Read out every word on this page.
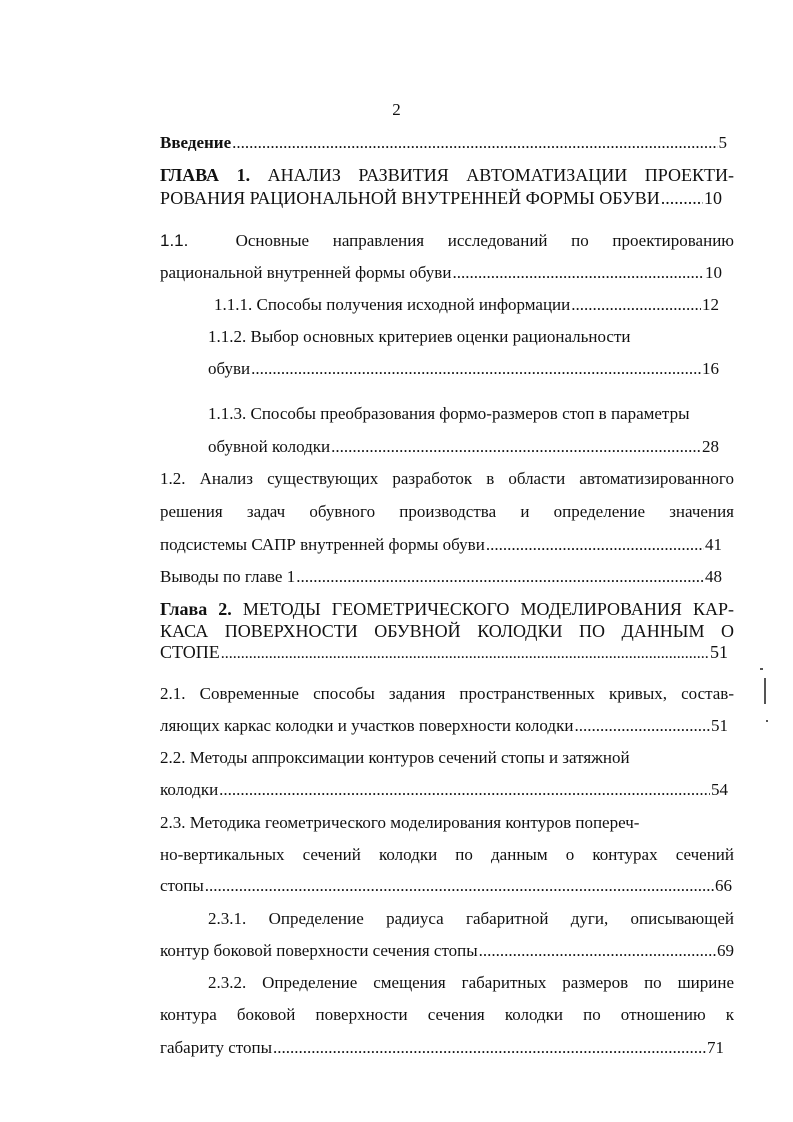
2
Введение .....	5
ГЛАВА 1. АНАЛИЗ РАЗВИТИЯ АВТОМАТИЗАЦИИ ПРОЕКТИ-
РОВАНИЯ РАЦИОНАЛЬНОЙ ВНУТРЕННЕЙ ФОРМЫ ОБУВИ ..... 10
1.1.	Основные направления исследований по проектированию
рациональной внутренней формы обуви .....	10
1.1.1. Способы получения исходной информации .....	12
1.1.2. Выбор основных критериев оценки рациональности
обуви .....	16
1.1.3. Способы преобразования формо-размеров стоп в параметры
обувной колодки .....	28
1.2. Анализ существующих разработок в области автоматизированного
решения задач обувного производства и определение значения
подсистемы САПР внутренней формы обуви .....	41
Выводы по главе 1 .....	48
Глава 2. МЕТОДЫ ГЕОМЕТРИЧЕСКОГО МОДЕЛИРОВАНИЯ КАР-
КАСА ПОВЕРХНОСТИ ОБУВНОЙ КОЛОДКИ ПО ДАННЫМ О
СТОПЕ .....	51
2.1. Современные способы задания пространственных кривых, состав-
ляющих каркас колодки и участков поверхности колодки .....	51
2.2. Методы аппроксимации контуров сечений стопы и затяжной
колодки .....	54
2.3. Методика геометрического моделирования контуров попереч-
но-вертикальных сечений колодки по данным о контурах сечений
стопы .....	66
2.3.1. Определение радиуса габаритной дуги, описывающей
контур боковой поверхности сечения стопы .....	69
2.3.2. Определение смещения габаритных размеров по ширине
контура боковой поверхности сечения колодки по отношению к
габариту стопы .....	71
